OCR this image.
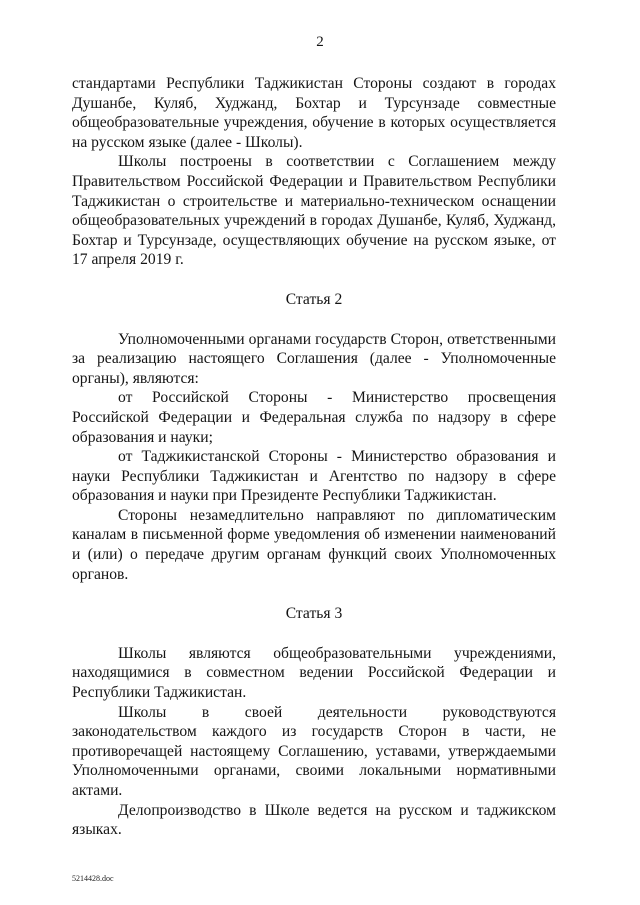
2

стандартами Республики Таджикистан Стороны создают в городах Душанбе, Куляб, Худжанд, Бохтар и Турсунзаде совместные общеобразовательные учреждения, обучение в которых осуществляется на русском языке (далее - Школы).

Школы построены в соответствии с Соглашением между Правительством Российской Федерации и Правительством Республики Таджикистан о строительстве и материально-техническом оснащении общеобразовательных учреждений в городах Душанбе, Куляб, Худжанд, Бохтар и Турсунзаде, осуществляющих обучение на русском языке, от 17 апреля 2019 г.

Статья 2

Уполномоченными органами государств Сторон, ответственными за реализацию настоящего Соглашения (далее - Уполномоченные органы), являются:

от Российской Стороны - Министерство просвещения Российской Федерации и Федеральная служба по надзору в сфере образования и науки;

от Таджикистанской Стороны - Министерство образования и науки Республики Таджикистан и Агентство по надзору в сфере образования и науки при Президенте Республики Таджикистан.

Стороны незамедлительно направляют по дипломатическим каналам в письменной форме уведомления об изменении наименований и (или) о передаче другим органам функций своих Уполномоченных органов.

Статья 3

Школы являются общеобразовательными учреждениями, находящимися в совместном ведении Российской Федерации и Республики Таджикистан.

Школы в своей деятельности руководствуются законодательством каждого из государств Сторон в части, не противоречащей настоящему Соглашению, уставами, утверждаемыми Уполномоченными органами, своими локальными нормативными актами.

Делопроизводство в Школе ведется на русском и таджикском языках.

5214428.doc
